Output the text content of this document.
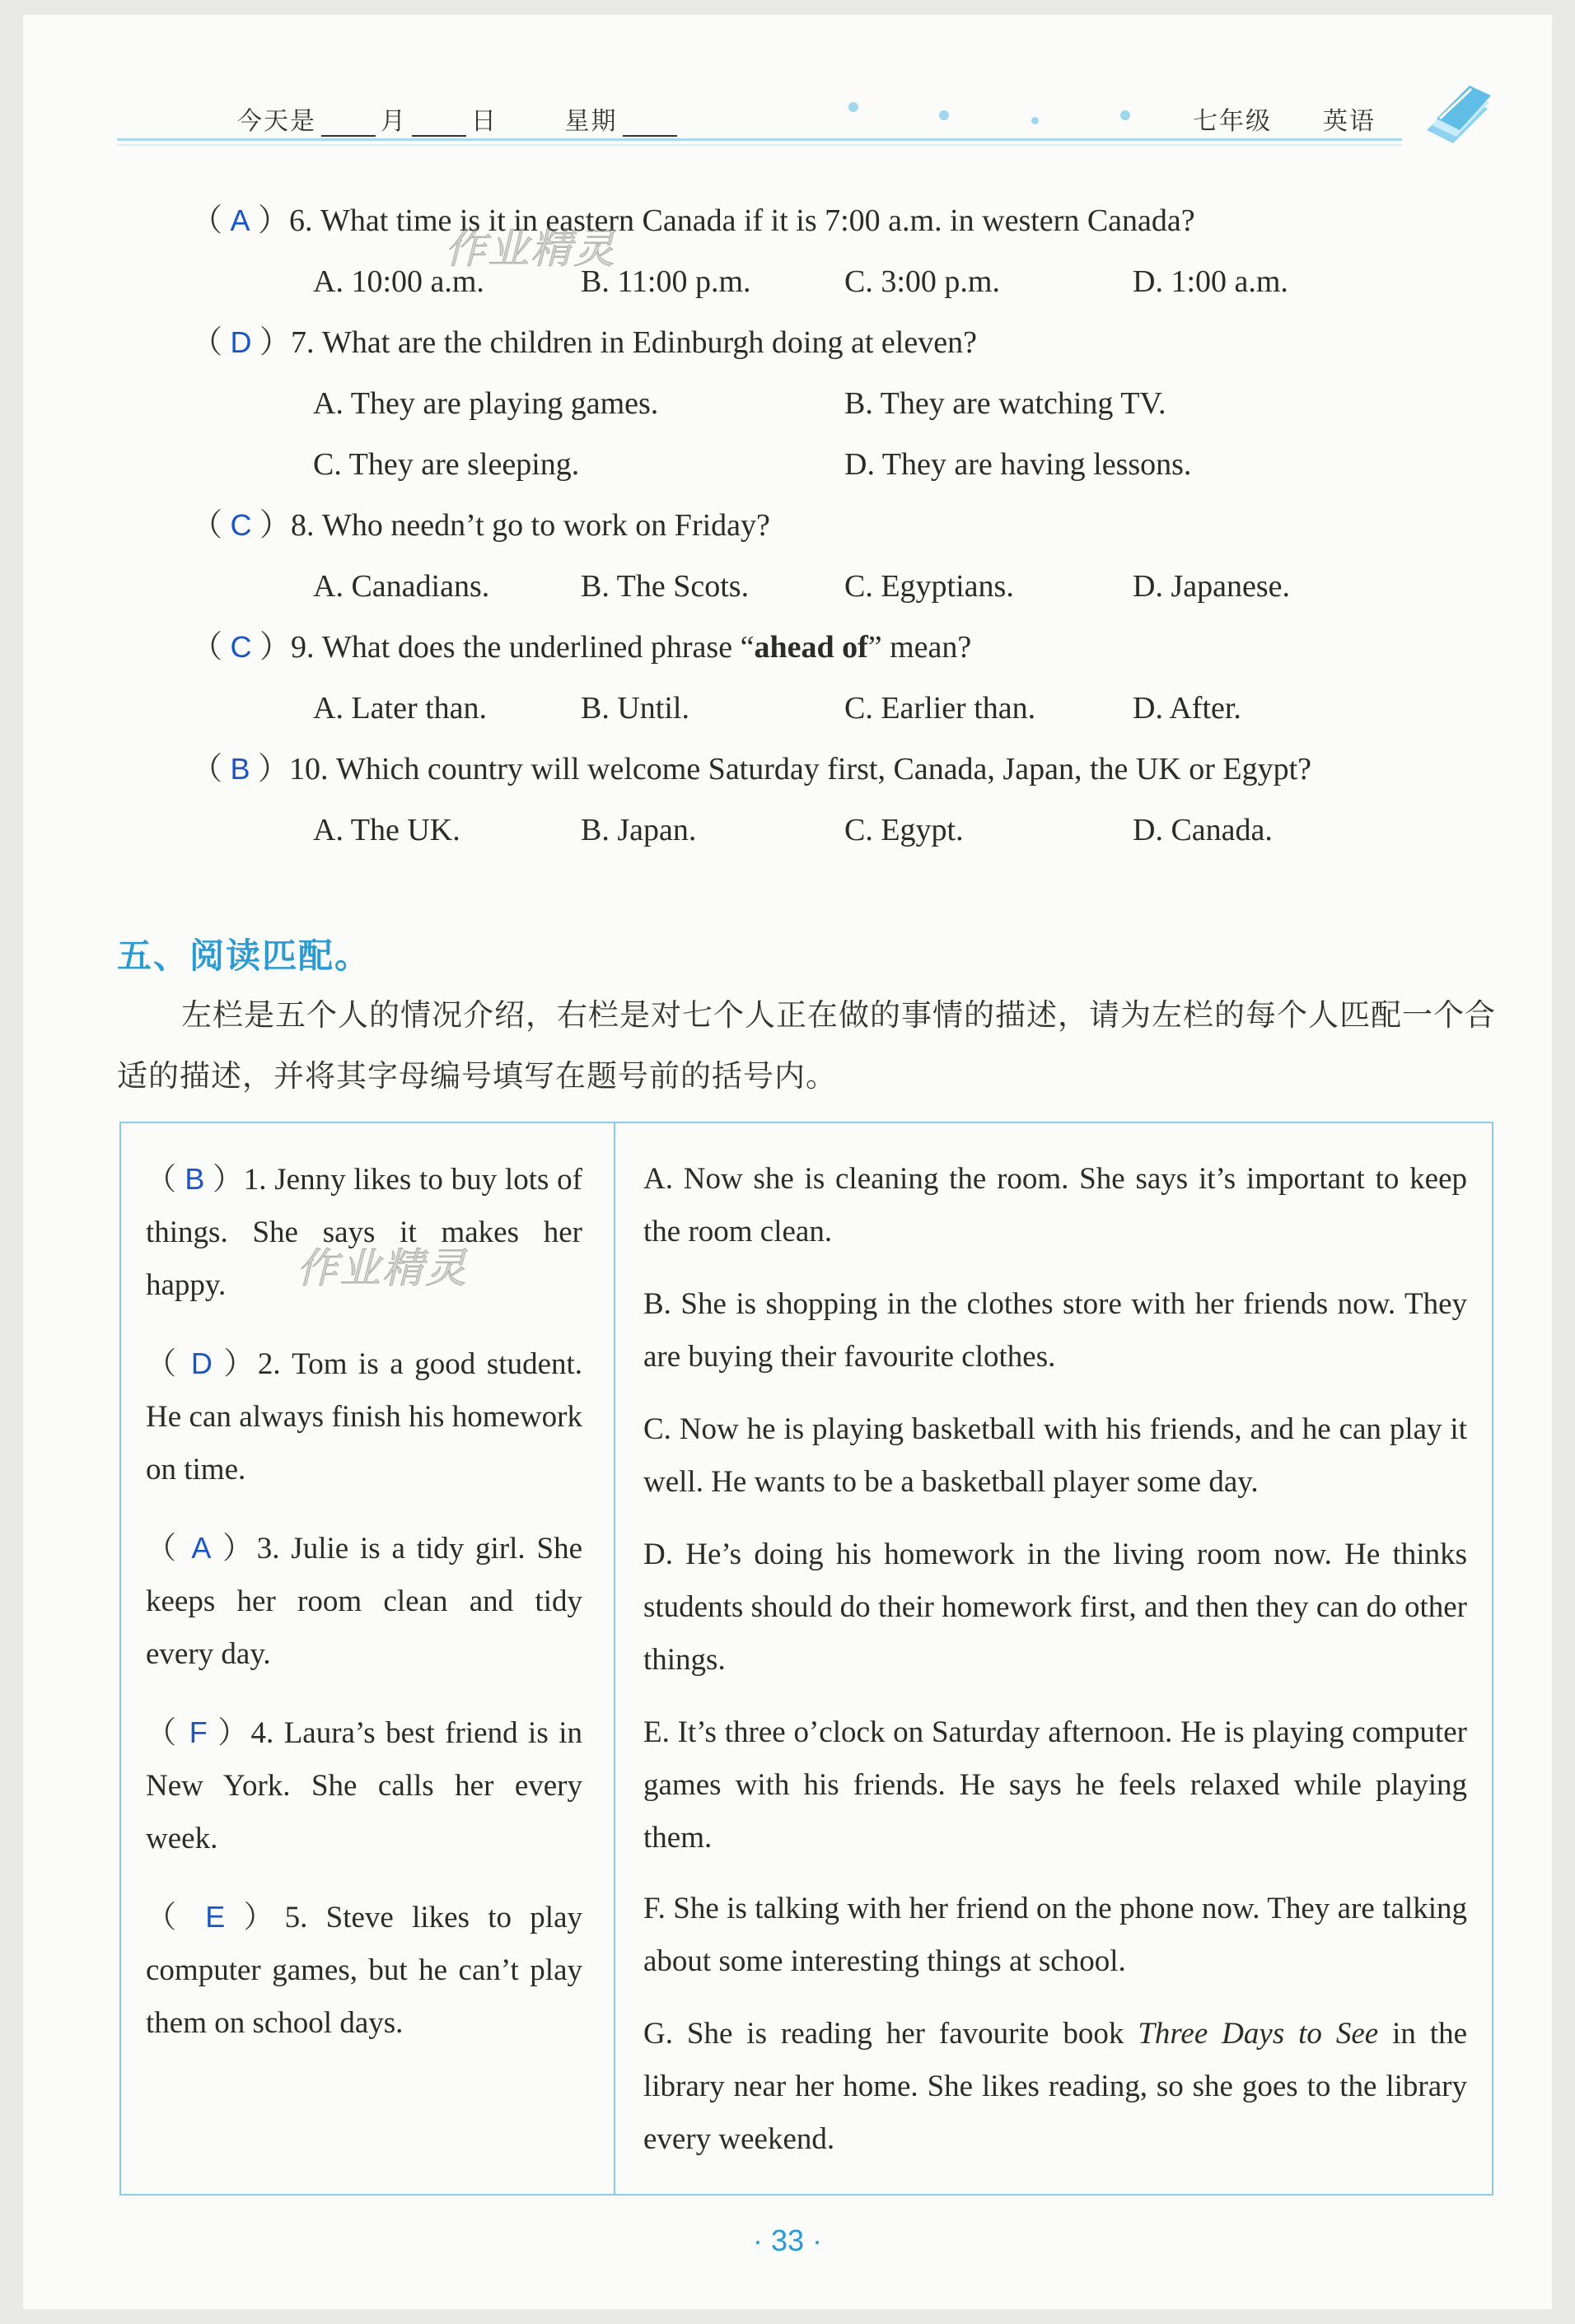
今天是	月	日	星期	七年级 英语
（ A ）6. What time is it in eastern Canada if it is 7:00 a.m. in western Canada?
A. 10:00 a.m.	B. 11:00 p.m.	C. 3:00 p.m.	D. 1:00 a.m.
（ D ）7. What are the children in Edinburgh doing at eleven?
A. They are playing games.	B. They are watching TV.
C. They are sleeping.	D. They are having lessons.
（ C ）8. Who needn’t go to work on Friday?
A. Canadians.	B. The Scots.	C. Egyptians.	D. Japanese.
（ C ）9. What does the underlined phrase “ahead of” mean?
A. Later than.	B. Until.	C. Earlier than.	D. After.
（ B ）10. Which country will welcome Saturday first, Canada, Japan, the UK or Egypt?
A. The UK.	B. Japan.	C. Egypt.	D. Canada.
五、阅读匹配。
左栏是五个人的情况介绍，右栏是对七个人正在做的事情的描述，请为左栏的每个人匹配一个合适的描述，并将其字母编号填写在题号前的括号内。
（ B ）1. Jenny likes to buy lots of things. She says it makes her happy.
（ D ）2. Tom is a good student. He can always finish his homework on time.
（ A ）3. Julie is a tidy girl. She keeps her room clean and tidy every day.
（ F ）4. Laura’s best friend is in New York. She calls her every week.
（ E ）5. Steve likes to play computer games, but he can’t play them on school days.
A. Now she is cleaning the room. She says it’s important to keep the room clean.
B. She is shopping in the clothes store with her friends now. They are buying their favourite clothes.
C. Now he is playing basketball with his friends, and he can play it well. He wants to be a basketball player some day.
D. He’s doing his homework in the living room now. He thinks students should do their homework first, and then they can do other things.
E. It’s three o’clock on Saturday afternoon. He is playing computer games with his friends. He says he feels relaxed while playing them.
F. She is talking with her friend on the phone now. They are talking about some interesting things at school.
G. She is reading her favourite book Three Days to See in the library near her home. She likes reading, so she goes to the library every weekend.
作业精灵
作业精灵
· 33 ·
